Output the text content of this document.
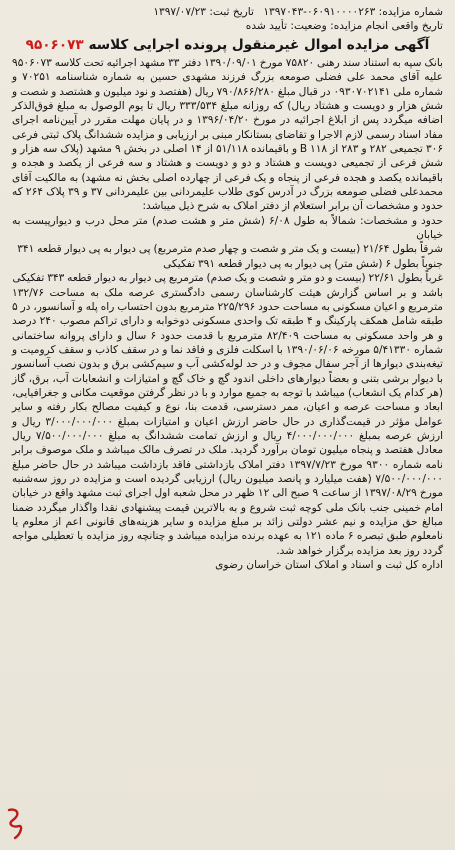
شماره مزایده: ۰۶۰۹۱۰۰۰۰۲۶۳-۱۳۹۷۰۴۳ تاریخ ثبت: ۱۳۹۷/۰۷/۲۳
تاریخ واقعی انجام مزایده: وضعیت: تأیید شده
آگهی مزایده اموال غیرمنقول پرونده اجرایی کلاسه ۹۵۰۶۰۷۳

بانک سپه به استناد سند رهنی ۷۵۸۲۰ مورخ ۱۳۹۰/۰۹/۰۱ دفتر ۳۳ مشهد اجرائیه تحت کلاسه ۹۵۰۶۰۷۳ علیه آقای محمد علی فضلی صومعه بزرگ فرزند مشهدی حسین به شماره شناسنامه ۷۰۲۵۱ و شماره ملی ۰۹۳۰۷۰۲۱۴۱ در قبال مبلغ ۷۹۰/۸۶۶/۲۸۰ ریال (هفتصد و نود میلیون و هشتصد و شصت و شش هزار و دویست و هشتاد ریال) که روزانه مبلغ ۳۳۳/۵۳۴ ریال تا یوم الوصول به مبلغ فوق‌الذکر اضافه میگردد پس از ابلاغ اجرائیه در مورخ ۱۳۹۶/۰۴/۲۰ و در پایان مهلت مقرر در آیین‌نامه اجرای مفاد اسناد رسمی لازم الاجرا و تقاضای بستانکار مبنی بر ارزیابی و مزایده ششدانگ پلاک ثبتی فرعی ۳۰۶ تجمیعی ۲۸۲ و ۲۸۳ از ۱۱۸ B و باقیمانده ۵۱/۱۱۸ از ۱۴ اصلی در بخش ۹ مشهد (پلاک سه هزار و شش فرعی از تجمیعی دویست و هشتاد و دو و دویست و هشتاد و سه فرعی از یکصد و هجده و باقیمانده یکصد و هجده فرعی از پنجاه و یک فرعی از چهارده اصلی بخش نه مشهد) به مالکیت آقای محمدعلی فضلی صومعه بزرگ در آدرس کوی طلاب علیمردانی بین علیمردانی ۳۷ و ۳۹ پلاک ۲۶۴ که حدود و مشخصات آن برابر استعلام از دفتر املاک به شرح ذیل میباشد:

حدود و مشخصات: شمالاً به طول ۶/۰۸ (شش متر و هشت صدم) متر محل درب و دیوارپیست به خیابان

شرقاً بطول ۲۱/۶۴ (بیست و یک متر و شصت و چهار صدم مترمربع) پی دیوار به پی دیوار قطعه ۳۴۱

جنوباً بطول ۶ (شش متر) پی دیوار به پی دیوار قطعه ۳۹۱ تفکیکی

غرباً بطول ۲۲/۶۱ (بیست و دو متر و شصت و یک صدم) مترمربع پی دیوار به دیوار قطعه ۳۴۳ تفکیکی

باشد و بر اساس گزارش هیئت کارشناسان رسمی دادگستری عرصه ملک به مساحت ۱۳۲/۷۶ مترمربع و اعیان مسکونی به مساحت حدود ۲۲۵/۲۹۶ مترمربع بدون احتساب راه پله و آسانسور، در ۵ طبقه شامل همکف پارکینگ و ۴ طبقه تک واحدی مسکونی دوخوابه و دارای تراکم مصوب ۲۴۰ درصد و هر واحد مسکونی به مساحت ۸۲/۴۰۹ مترمربع با قدمت حدود ۶ سال و دارای پروانه ساختمانی شماره ۵/۴۱۳۳۰ مورخه ۱۳۹۰/۰۶/۰۶ با اسکلت فلزی و فاقد نما و در سقف کاذب و سقف کرومیت و تیغه‌بندی دیوارها از آجر سفال مجوف و در حد لوله‌کشی آب و سیم‌کشی برق و بدون نصب آسانسور با دیوار برشی بتنی و بعضاً دیوارهای داخلی اندود گچ و خاک گچ و امتیازات و انشعابات آب، برق، گاز (هر کدام یک انشعاب) میباشد با توجه به جمیع موارد و با در نظر گرفتن موقعیت مکانی و جغرافیایی، ابعاد و مساحت عرصه و اعیان، ممر دسترسی، قدمت بنا، نوع و کیفیت مصالح بکار رفته و سایر عوامل مؤثر در قیمت‌گذاری در حال حاضر ارزش اعیان و امتیازات بمبلغ ۳/۰۰۰/۰۰۰/۰۰۰ ریال و ارزش عرصه بمبلغ ۴/۰۰۰/۰۰۰/۰۰۰ ریال و ارزش تمامت ششدانگ به مبلغ ۷/۵۰۰/۰۰۰/۰۰۰ ریال معادل هفتصد و پنجاه میلیون تومان برآورد گردید. ملک در تصرف مالک میباشد و ملک موصوف برابر نامه شماره ۹۳۰۰ مورخ ۱۳۹۷/۷/۲۳ دفتر املاک بازداشتی فاقد بازداشت میباشد در حال حاضر مبلغ ۷/۵۰۰/۰۰۰/۰۰۰ (هفت میلیارد و پانصد میلیون ریال) ارزیابی گردیده است و مزایده در روز سه‌شنبه مورخ ۱۳۹۷/۰۸/۲۹ از ساعت ۹ صبح الی ۱۲ ظهر در محل شعبه اول اجرای ثبت مشهد واقع در خیابان امام خمینی جنب بانک ملی کوچه ثبت شروع و به بالاترین قیمت پیشنهادی نقدا واگذار میگردد ضمنا مبالغ حق مزایده و نیم عشر دولتی زائد بر مبلغ مزایده و سایر هزینه‌های قانونی اعم از معلوم یا نامعلوم طبق تبصره ۶ ماده ۱۲۱ به عهده برنده مزایده میباشد و چنانچه روز مزایده با تعطیلی مواجه گردد روز بعد مزایده برگزار خواهد شد.

اداره کل ثبت و اسناد و املاک استان خراسان رضوی
